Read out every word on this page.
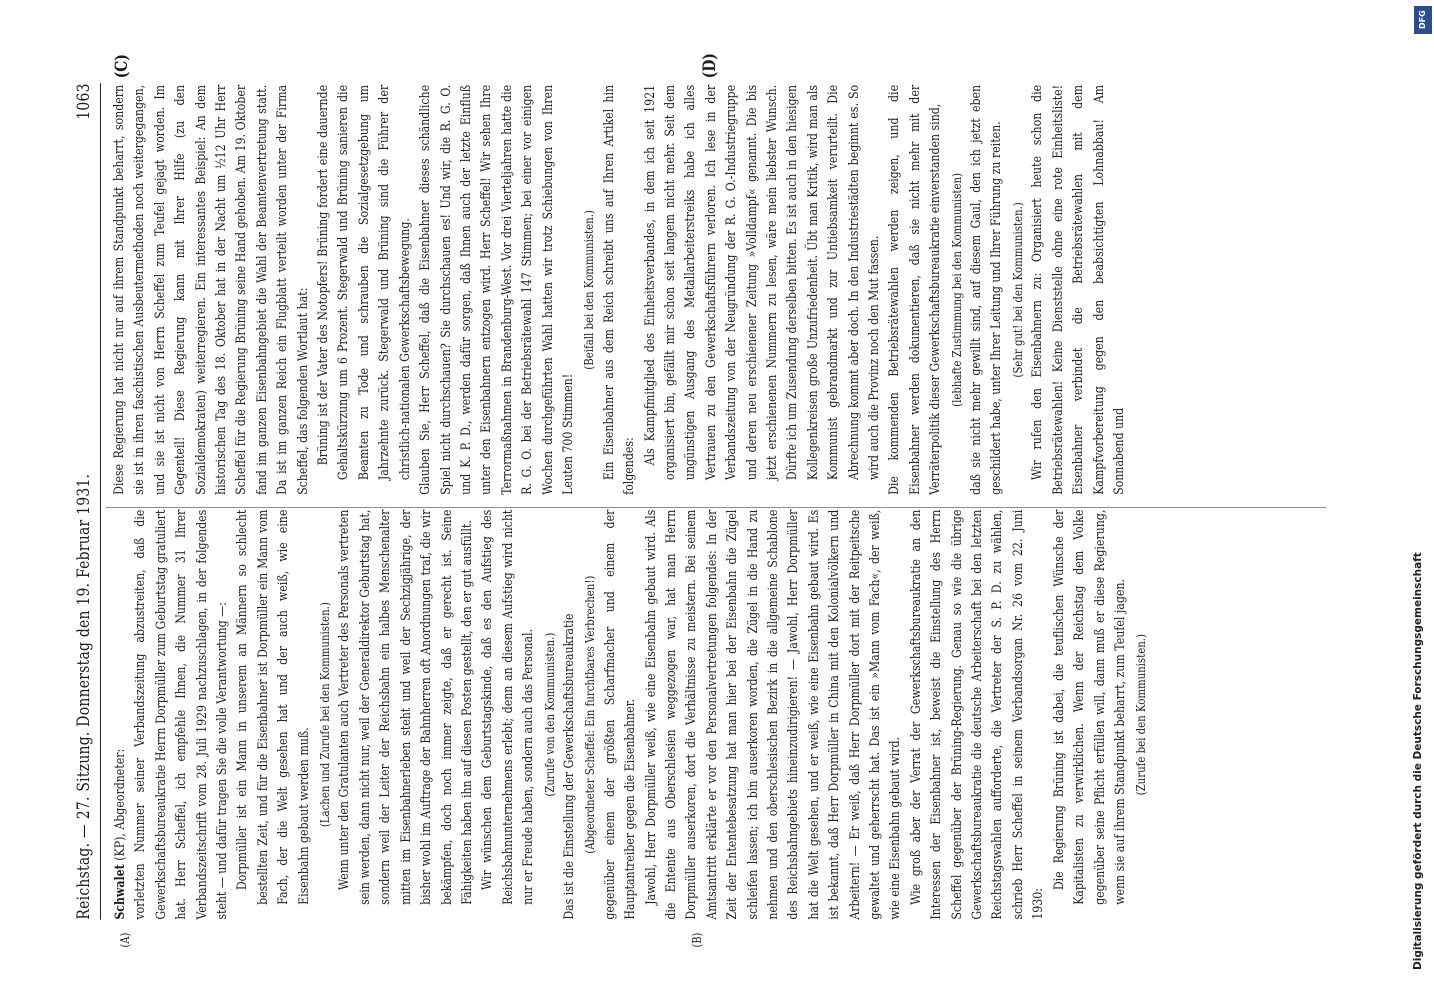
Reichstag. — 27. Sitzung. Donnerstag den 19. Februar 1931.
1063
(A)	(B)
(C)	(D)

Schwalet (KP), Abgeordneter: vorletzten Nummer seiner Verbandszeitung abzustreiten, daß die Gewerkschaftsbureaukratie Herrn Dorpmüller zum Geburtstag gratuliert hat. Herr Scheffel, ich empfehle Ihnen, die Nummer 31 Ihrer Verbandszeitschrift vom 28. Juli 1929 nachzuschlagen, in der folgendes steht — und dafür tragen Sie die volle Verantwortung —: Dorpmüller ist ein Mann in unserem an Männern so schlecht bestellten Zeit, und für die Eisenbahner ist Dorpmüller ein Mann vom Fach, der die Welt gesehen hat und der auch weiß, wie eine Eisenbahn gebaut werden muß. (Lachen und Zurufe bei den Kommunisten.) Wenn unter den Gratulanten auch Vertreter des Personals vertreten sein werden, dann nicht nur, weil der Generaldirektor Geburtstag hat, sondern weil der Leiter der Reichsbahn ein halbes Menschenalter mitten im Eisenbahnerleben steht und weil der Sechzigjährige, der bisher wohl im Auftrage der Bahnherren oft Anordnungen traf, die wir bekämpfen, doch noch immer zeigte, daß er gerecht ist. Seine Fähigkeiten haben ihn auf diesen Posten gestellt, den er gut ausfüllt. Wir wünschen dem Geburtstagskinde, daß es den Aufstieg des Reichsbahnunternehmens erlebt; denn an diesem Aufstieg wird nicht nur er Freude haben, sondern auch das Personal. (Zurufe von den Kommunisten.) Das ist die Einstellung der Gewerkschaftsbureaukratie (Abgeordneter Scheffel: Ein furchtbares Verbrechen!) gegenüber einem der größten Scharfmacher und einem der Hauptantreiber gegen die Eisenbahner. Jawohl, Herr Dorpmüller weiß, wie eine Eisenbahn gebaut wird. Als die Entente aus Oberschlesien weggezogen war, hat man Herrn Dorpmüller auserkoren, dort die Verhältnisse zu meistern. Bei seinem Amtsantritt erklärte er vor den Personalvertretungen folgendes: In der Zeit der Ententebesatzung hat man hier bei der Eisenbahn die Zügel schleifen lassen; ich bin auserkoren worden, die Zügel in die Hand zu nehmen und den oberschlesischen Bezirk in die allgemeine Schablone des Reichsbahngebiets hineinzudirigieren! — Jawohl, Herr Dorpmüller hat die Welt gesehen, und er weiß, wie eine Eisenbahn gebaut wird. Es ist bekannt, daß Herr Dorpmüller in China mit den Kolonialvölkern und Arbeitern! — Er weiß, daß Herr Dorpmüller dort mit der Reitpeitsche gewaltet und geherrscht hat. Das ist ein »Mann vom Fach«, der weiß, wie eine Eisenbahn gebaut wird. Wie groß aber der Verrat der Gewerkschaftsbureaukratie an den Interessen der Eisenbahner ist, beweist die Einstellung des Herrn Scheffel gegenüber der Brüning-Regierung. Genau so wie die übrige Gewerkschaftsbureaukratie die deutsche Arbeiterschaft bei den letzten Reichstagswahlen aufforderte, die Vertreter der S. P. D. zu wählen, schrieb Herr Scheffel in seinem Verbandsorgan Nr. 26 vom 22. Juni 1930:

Die Regierung Brüning ist dabei, die teuflischen Wünsche der Kapitalisten zu verwirklichen. Wenn der Reichstag dem Volke gegenüber seine Pflicht erfüllen will, dann muß er diese Regierung, wenn sie auf ihrem Standpunkt beharrt, zum Teufel jagen. (Zurufe bei den Kommunisten.)

Diese Regierung hat nicht nur auf ihrem Standpunkt beharrt, sondern sie ist in ihren faschistischen Ausbeutermethoden noch weitergegangen, und sie ist nicht von Herrn Scheffel zum Teufel gejagt worden. Im Gegenteil! Diese Regierung kann mit Ihrer Hilfe (zu den Sozialdemokraten) weiterregieren. Ein interessantes Beispiel: An dem historischen Tag des 18. Oktober hat in der Nacht um ½12 Uhr Herr Scheffel für die Regierung Brüning seine Hand gehoben. Am 19. Oktober fand im ganzen Eisenbahngebiet die Wahl der Beamtenvertretung statt. Da ist im ganzen Reich ein Flugblatt verteilt worden unter der Firma Scheffel, das folgenden Wortlaut hat: Brüning ist der Vater des Notopfers! Brüning fordert eine dauernde Gehaltskürzung um 6 Prozent. Stegerwald und Brüning sanieren die Beamten zu Tode und schrauben die Sozialgesetzgebung um Jahrzehnte zurück. Stegerwald und Brüning sind die Führer der christlich-nationalen Gewerkschaftsbewegung. Glauben Sie, Herr Scheffel, daß die Eisenbahner dieses schändliche Spiel nicht durchschauen? Sie durchschauen es! Und wir, die R. G. O. und K. P. D., werden dafür sorgen, daß Ihnen auch der letzte Einfluß unter den Eisenbahnern entzogen wird. Herr Scheffel! Wir sehen Ihre Terrormaßnahmen in Brandenburg-West. Vor drei Vierteljahren hatte die R. G. O. bei der Betriebsrätewahl 147 Stimmen; bei einer vor einigen Wochen durchgeführten Wahl hatten wir trotz Schiebungen von Ihren Leuten 700 Stimmen!

(Beifall bei den Kommunisten.) Ein Eisenbahner aus dem Reich schreibt uns auf Ihren Artikel hin folgendes:

Als Kampfmitglied des Einheitsverbandes, in dem ich seit 1921 organisiert bin, gefällt mir schon seit langem nicht mehr. Seit dem ungünstigen Ausgang des Metallarbeiterstreiks habe ich alles Vertrauen zu den Gewerkschaftsführern verloren. Ich lese in der Verbandszeitung von der Neugründung der R. G. O.-Industriegruppe und deren neu erschienener Zeitung »Volldampf« genannt. Die bis jetzt erschienenen Nummern zu lesen, wäre mein liebster Wunsch. Dürfte ich um Zusendung derselben bitten. Es ist auch in den hiesigen Kollegenkreisen große Unzufriedenheit. Übt man Kritik, wird man als Kommunist gebrandmarkt und zur Untiebsamkeit verurteilt. Die Abrechnung kommt aber doch. In den Industriestädten beginnt es. So wird auch die Provinz noch den Mut fassen. Die kommenden Betriebsrätewahlen werden zeigen, und die Eisenbahner werden dokumentieren, daß sie nicht mehr mit der Verräterpolitik dieser Gewerkschaftsbureaukratie einverstanden sind, (lebhafte Zustimmung bei den Kommunisten) daß sie nicht mehr gewillt sind, auf diesem Gaul, den ich jetzt eben geschildert habe, unter Ihrer Leitung und Ihrer Führung zu reiten. (Sehr gut! bei den Kommunisten.) Wir rufen den Eisenbahnern zu: Organisiert heute schon die Betriebsrätewahlen! Keine Dienststelle ohne eine rote Einheitsliste! Eisenbahner verbindet die Betriebsrätewahlen mit dem Kampfvorbereitung gegen den beabsichtigten Lohnabbau! Am Sonnabend und

DFG
Digitalisierung gefördert durch die Deutsche Forschungsgemeinschaft
